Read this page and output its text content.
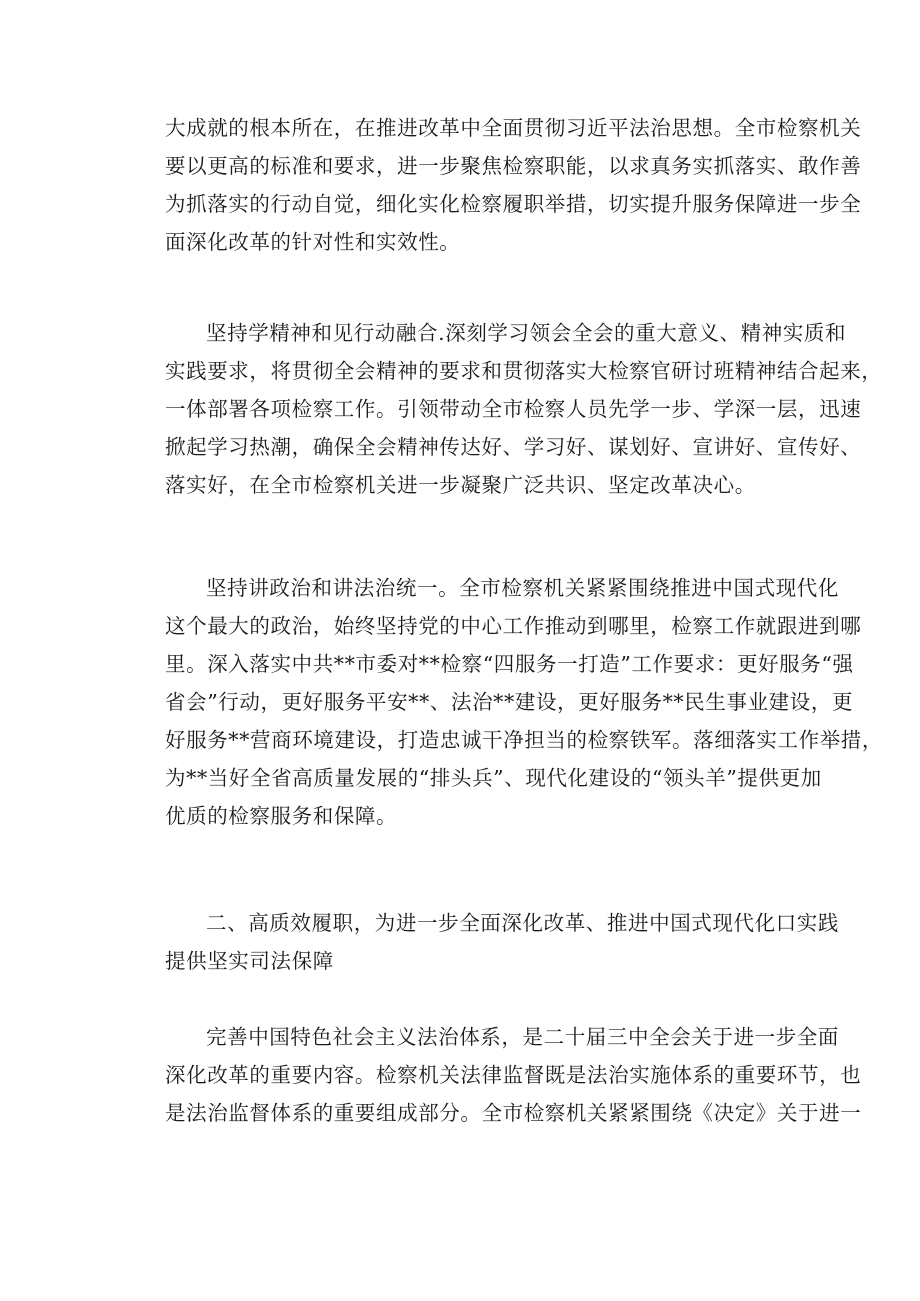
大成就的根本所在，在推进改革中全面贯彻习近平法治思想。全市检察机关
要以更高的标准和要求，进一步聚焦检察职能，以求真务实抓落实、敢作善
为抓落实的行动自觉，细化实化检察履职举措，切实提升服务保障进一步全
面深化改革的针对性和实效性。
坚持学精神和见行动融合.深刻学习领会全会的重大意义、精神实质和
实践要求，将贯彻全会精神的要求和贯彻落实大检察官研讨班精神结合起来，
一体部署各项检察工作。引领带动全市检察人员先学一步、学深一层，迅速
掀起学习热潮，确保全会精神传达好、学习好、谋划好、宣讲好、宣传好、
落实好，在全市检察机关进一步凝聚广泛共识、坚定改革决心。
坚持讲政治和讲法治统一。全市检察机关紧紧围绕推进中国式现代化
这个最大的政治，始终坚持党的中心工作推动到哪里，检察工作就跟进到哪
里。深入落实中共**市委对**检察“四服务一打造”工作要求：更好服务“强
省会”行动，更好服务平安**、法治**建设，更好服务**民生事业建设，更
好服务**营商环境建设，打造忠诚干净担当的检察铁军。落细落实工作举措，
为**当好全省高质量发展的“排头兵”、现代化建设的“领头羊”提供更加
优质的检察服务和保障。
二、高质效履职，为进一步全面深化改革、推进中国式现代化口实践
提供坚实司法保障
完善中国特色社会主义法治体系，是二十届三中全会关于进一步全面
深化改革的重要内容。检察机关法律监督既是法治实施体系的重要环节，也
是法治监督体系的重要组成部分。全市检察机关紧紧围绕《决定》关于进一
